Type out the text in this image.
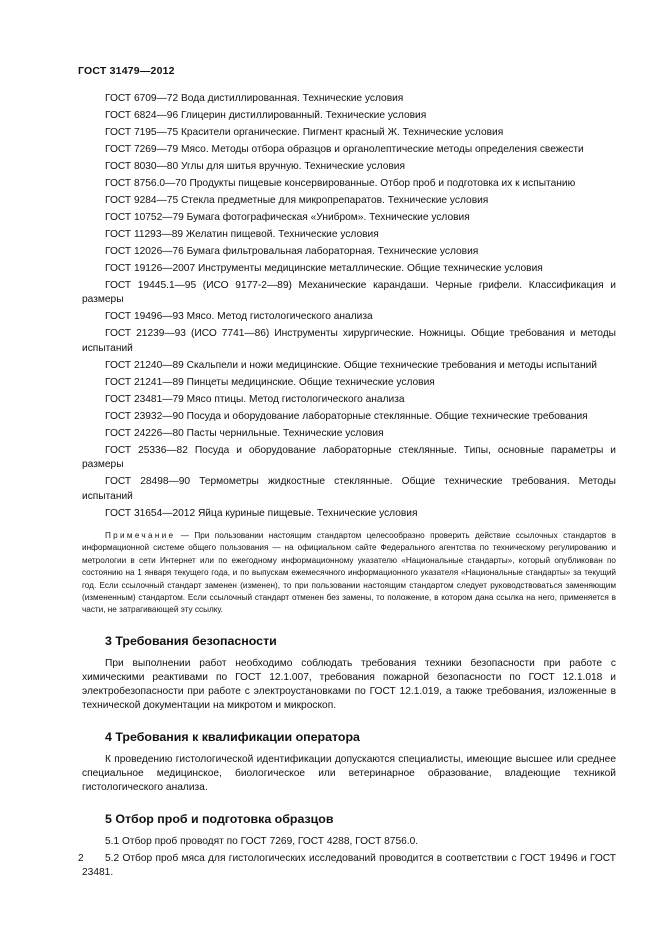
ГОСТ 31479—2012

ГОСТ 6709—72 Вода дистиллированная. Технические условия

ГОСТ 6824—96 Глицерин дистиллированный. Технические условия

ГОСТ 7195—75 Красители органические. Пигмент красный Ж. Технические условия

ГОСТ 7269—79 Мясо. Методы отбора образцов и органолептические методы определения свежести

ГОСТ 8030—80 Углы для шитья вручную. Технические условия

ГОСТ 8756.0—70 Продукты пищевые консервированные. Отбор проб и подготовка их к испытанию

ГОСТ 9284—75 Стекла предметные для микропрепаратов. Технические условия

ГОСТ 10752—79 Бумага фотографическая «Унибром». Технические условия

ГОСТ 11293—89 Желатин пищевой. Технические условия

ГОСТ 12026—76 Бумага фильтровальная лабораторная. Технические условия

ГОСТ 19126—2007 Инструменты медицинские металлические. Общие технические условия

ГОСТ 19445.1—95 (ИСО 9177-2—89) Механические карандаши. Черные грифели. Классификация и размеры

ГОСТ 19496—93 Мясо. Метод гистологического анализа

ГОСТ 21239—93 (ИСО 7741—86) Инструменты хирургические. Ножницы. Общие требования и методы испытаний

ГОСТ 21240—89 Скальпели и ножи медицинские. Общие технические требования и методы испытаний

ГОСТ 21241—89 Пинцеты медицинские. Общие технические условия

ГОСТ 23481—79 Мясо птицы. Метод гистологического анализа

ГОСТ 23932—90 Посуда и оборудование лабораторные стеклянные. Общие технические требования

ГОСТ 24226—80 Пасты чернильные. Технические условия

ГОСТ 25336—82 Посуда и оборудование лабораторные стеклянные. Типы, основные параметры и размеры

ГОСТ 28498—90 Термометры жидкостные стеклянные. Общие технические требования. Методы испытаний

ГОСТ 31654—2012 Яйца куриные пищевые. Технические условия

Примечание — При пользовании настоящим стандартом целесообразно проверить действие ссылочных стандартов в информационной системе общего пользования — на официальном сайте Федерального агентства по техническому регулированию и метрологии в сети Интернет или по ежегодному информационному указателю «Национальные стандарты», который опубликован по состоянию на 1 января текущего года, и по выпускам ежемесячного информационного указателя «Национальные стандарты» за текущий год. Если ссылочный стандарт заменен (изменен), то при пользовании настоящим стандартом следует руководствоваться заменяющим (измененным) стандартом. Если ссылочный стандарт отменен без замены, то положение, в котором дана ссылка на него, применяется в части, не затрагивающей эту ссылку.

3 Требования безопасности

При выполнении работ необходимо соблюдать требования техники безопасности при работе с химическими реактивами по ГОСТ 12.1.007, требования пожарной безопасности по ГОСТ 12.1.018 и электробезопасности при работе с электроустановками по ГОСТ 12.1.019, а также требования, изложенные в технической документации на микротом и микроскоп.

4 Требования к квалификации оператора

К проведению гистологической идентификации допускаются специалисты, имеющие высшее или среднее специальное медицинское, биологическое или ветеринарное образование, владеющие техникой гистологического анализа.

5 Отбор проб и подготовка образцов

5.1 Отбор проб проводят по ГОСТ 7269, ГОСТ 4288, ГОСТ 8756.0.

5.2 Отбор проб мяса для гистологических исследований проводится в соответствии с ГОСТ 19496 и ГОСТ 23481.

2
